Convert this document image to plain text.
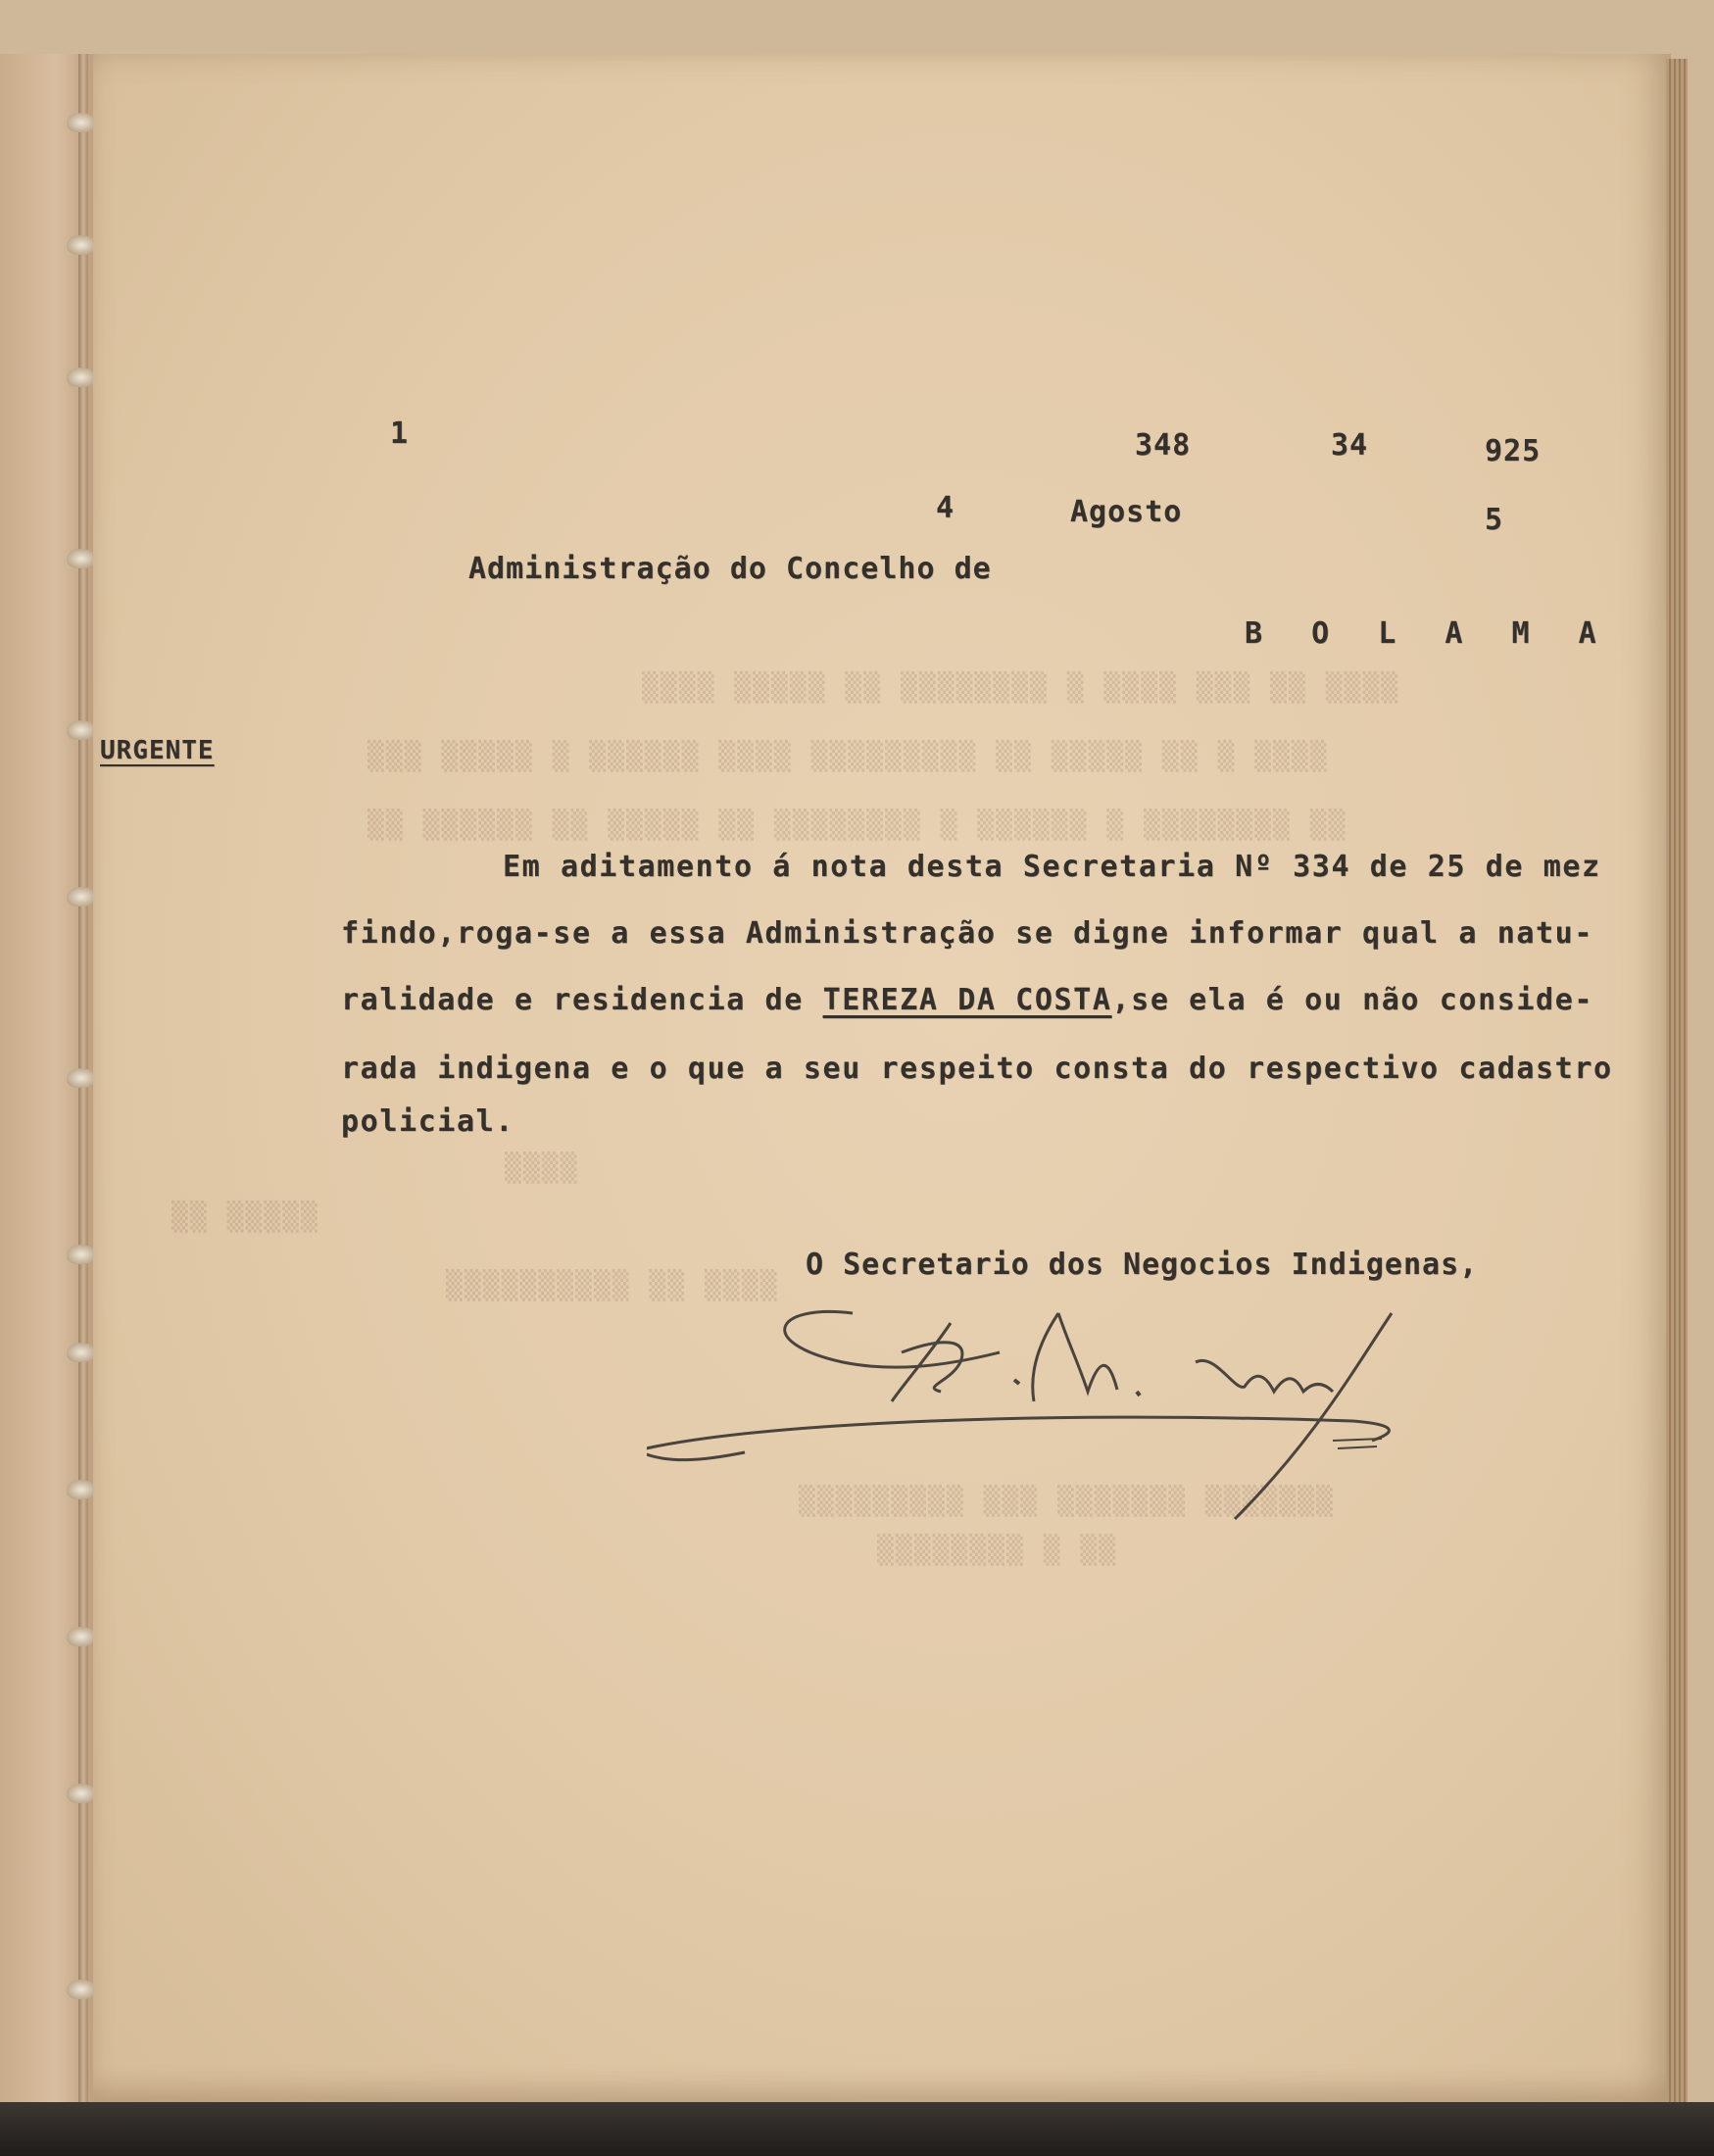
▒▒▒▒ ▒▒▒▒▒ ▒▒ ▒▒▒▒▒▒▒▒ ▒ ▒▒▒▒ ▒▒▒ ▒▒ ▒▒▒▒
▒▒▒ ▒▒▒▒▒ ▒ ▒▒▒▒▒▒ ▒▒▒▒ ▒▒▒▒▒▒▒▒▒ ▒▒ ▒▒▒▒▒ ▒▒ ▒ ▒▒▒▒
▒▒ ▒▒▒▒▒▒ ▒▒ ▒▒▒▒▒ ▒▒ ▒▒▒▒▒▒▒▒ ▒ ▒▒▒▒▒▒ ▒ ▒▒▒▒▒▒▒▒ ▒▒
▒▒▒▒
▒▒ ▒▒▒▒▒
▒▒▒▒▒▒▒▒▒▒ ▒▒ ▒▒▒▒
▒▒▒▒▒▒▒▒▒ ▒▒▒ ▒▒▒▒▒▒▒ ▒▒▒▒▒▒▒
▒▒▒▒▒▒▒▒ ▒ ▒▒
1	348	34	925
4	Agosto	5
Administração do Concelho de
B O L A M A
URGENTE
Em aditamento á nota desta Secretaria Nº 334 de 25 de mez
findo,roga-se a essa Administração se digne informar qual a natu-
ralidade e residencia de TEREZA DA COSTA,se ela é ou não conside-
rada indigena e o que a seu respeito consta do respectivo cadastro
policial.
O Secretario dos Negocios Indigenas,
